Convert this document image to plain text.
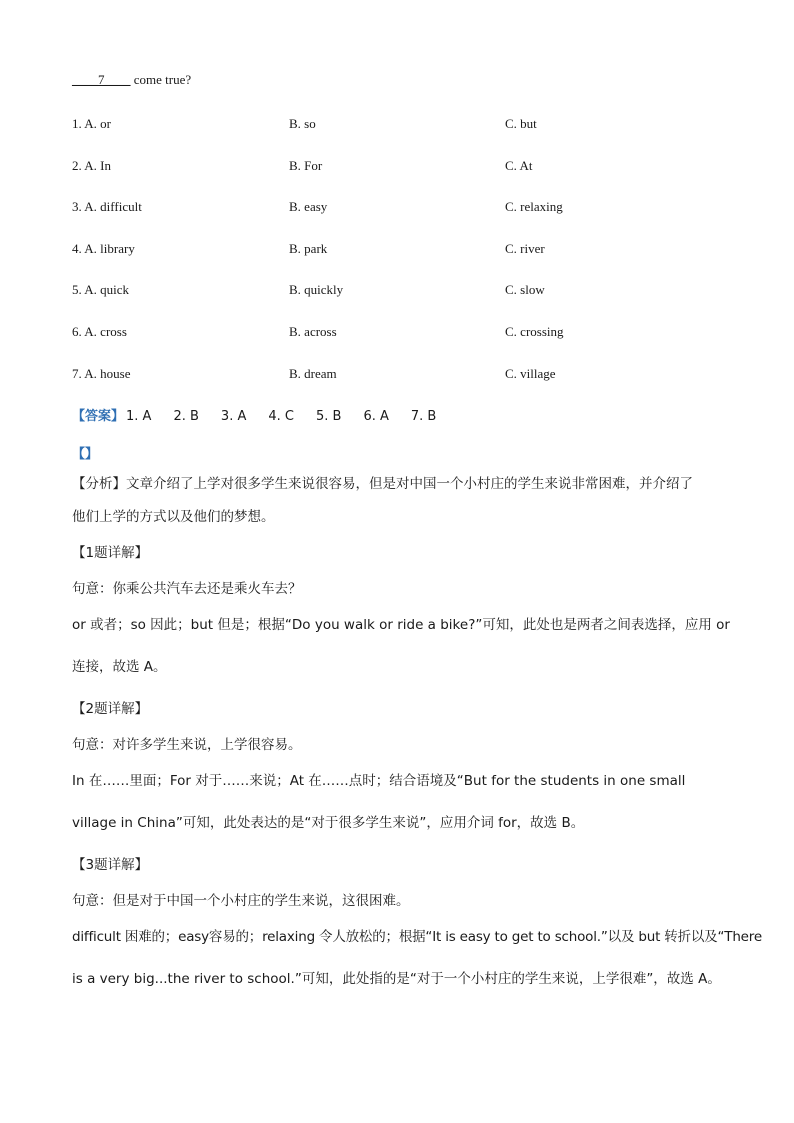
____7____ come true?
1. A. or	B. so	C. but
2. A. In	B. For	C. At
3. A. difficult	B. easy	C. relaxing
4. A. library	B. park	C. river
5. A. quick	B. quickly	C. slow
6. A. cross	B. across	C. crossing
7. A. house	B. dream	C. village
【答案】 1. A 2. B 3. A 4. C 5. B 6. A 7. B
【】
【分析】文章介绍了上学对很多学生来说很容易，但是对中国一个小村庄的学生来说非常困难，并介绍了
他们上学的方式以及他们的梦想。
【1题详解】
句意：你乘公共汽车去还是乘火车去？
or 或者；so 因此；but 但是；根据“Do you walk or ride a bike?”可知，此处也是两者之间表选择，应用 or
连接，故选 A。
【2题详解】
句意：对许多学生来说，上学很容易。
In 在……里面；For 对于……来说；At 在……点时；结合语境及“But for the students in one small
village in China”可知，此处表达的是“对于很多学生来说”，应用介词 for，故选 B。
【3题详解】
句意：但是对于中国一个小村庄的学生来说，这很困难。
difficult 困难的；easy容易的；relaxing 令人放松的；根据“It is easy to get to school.”以及 but 转折以及“There
is a very big...the river to school.”可知，此处指的是“对于一个小村庄的学生来说，上学很难”，故选 A。
